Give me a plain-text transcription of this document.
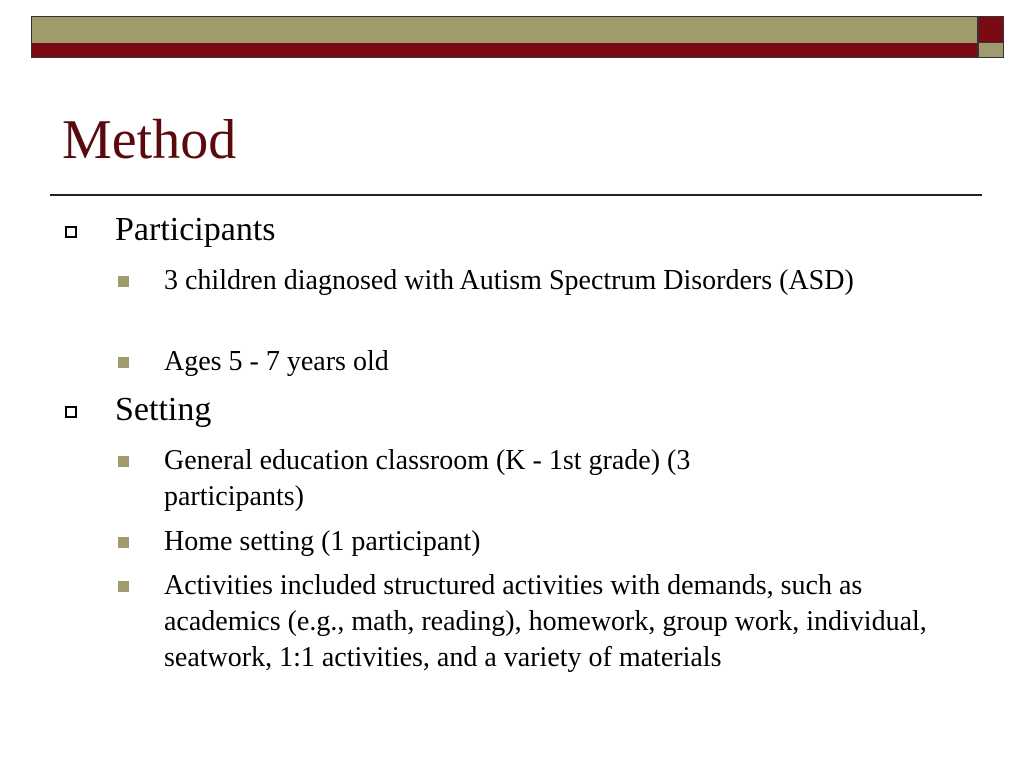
Method
Participants
3 children diagnosed with Autism Spectrum Disorders (ASD)
Ages 5 - 7 years old
Setting
General education classroom (K - 1st grade) (3 participants)
Home setting (1 participant)
Activities included structured activities with demands, such as academics (e.g., math, reading), homework, group work, individual, seatwork, 1:1 activities, and a variety of materials
